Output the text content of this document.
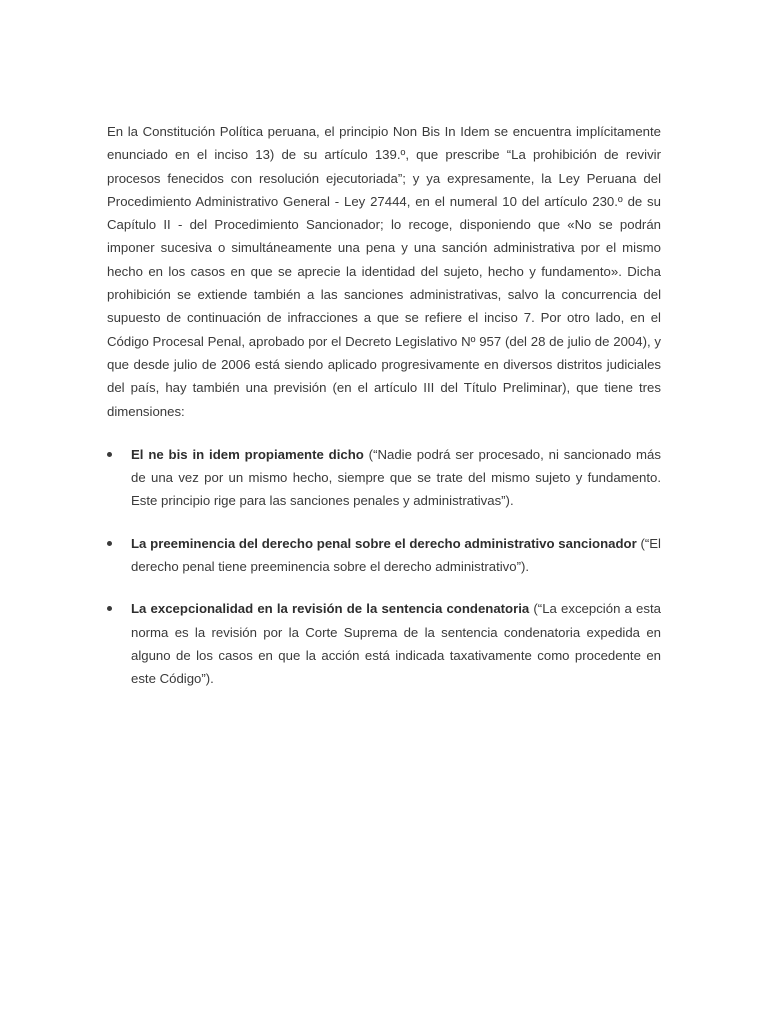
En la Constitución Política peruana, el principio Non Bis In Idem se encuentra implícitamente enunciado en el inciso 13) de su artículo 139.º, que prescribe “La prohibición de revivir procesos fenecidos con resolución ejecutoriada”; y ya expresamente, la Ley Peruana del Procedimiento Administrativo General - Ley 27444, en el numeral 10 del artículo 230.º de su Capítulo II - del Procedimiento Sancionador; lo recoge, disponiendo que «No se podrán imponer sucesiva o simultáneamente una pena y una sanción administrativa por el mismo hecho en los casos en que se aprecie la identidad del sujeto, hecho y fundamento». Dicha prohibición se extiende también a las sanciones administrativas, salvo la concurrencia del supuesto de continuación de infracciones a que se refiere el inciso 7. Por otro lado, en el Código Procesal Penal, aprobado por el Decreto Legislativo Nº 957 (del 28 de julio de 2004), y que desde julio de 2006 está siendo aplicado progresivamente en diversos distritos judiciales del país, hay también una previsión (en el artículo III del Título Preliminar), que tiene tres dimensiones:

El ne bis in idem propiamente dicho (“Nadie podrá ser procesado, ni sancionado más de una vez por un mismo hecho, siempre que se trate del mismo sujeto y fundamento. Este principio rige para las sanciones penales y administrativas”).
La preeminencia del derecho penal sobre el derecho administrativo sancionador (“El derecho penal tiene preeminencia sobre el derecho administrativo”).
La excepcionalidad en la revisión de la sentencia condenatoria (“La excepción a esta norma es la revisión por la Corte Suprema de la sentencia condenatoria expedida en alguno de los casos en que la acción está indicada taxativamente como procedente en este Código”).
